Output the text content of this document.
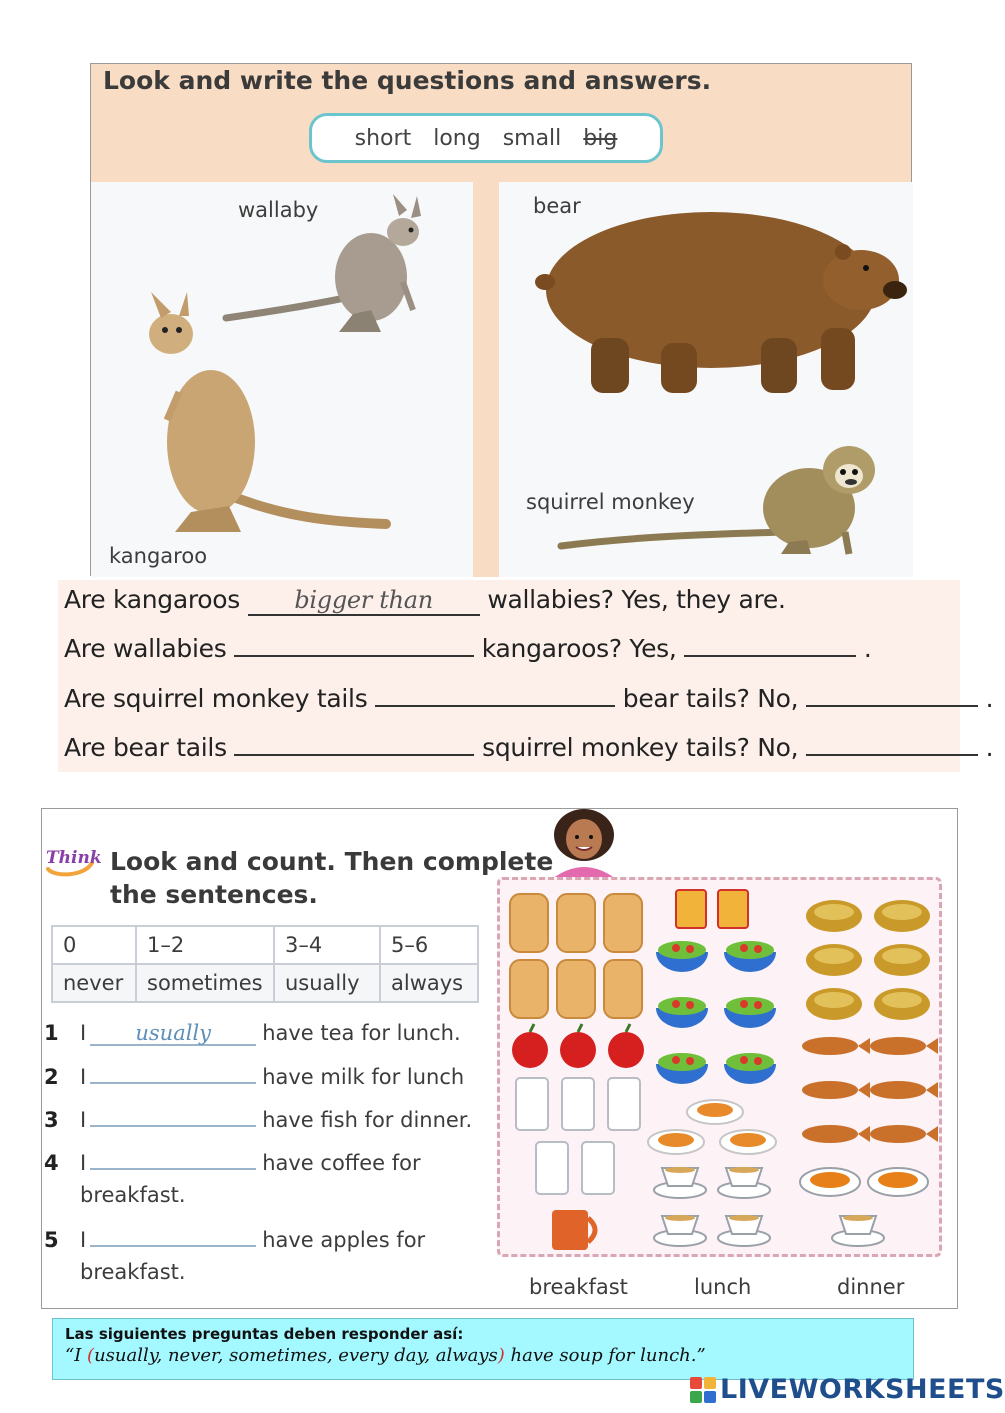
Look and write the questions and answers.
short long small big
wallaby
kangaroo
bear
squirrel monkey
Are kangaroos bigger than wallabies? Yes, they are.
Are wallabies	kangaroos? Yes,	.
Are squirrel monkey tails	bear tails? No,	.
Are bear tails	squirrel monkey tails? No,	.
Think Look and count. Then complete
the sentences.
0	1–2	3–4	5–6
never	sometimes	usually	always
1 I usually have tea for lunch.
2 I	have milk for lunch
3 I	have fish for dinner.
4 I	have coffee for
breakfast.
5 I	have apples for
breakfast.
breakfast	lunch	dinner
Las siguientes preguntas deben responder así:
“I (usually, never, sometimes, every day, always) have soup for lunch.”
LIVEWORKSHEETS
